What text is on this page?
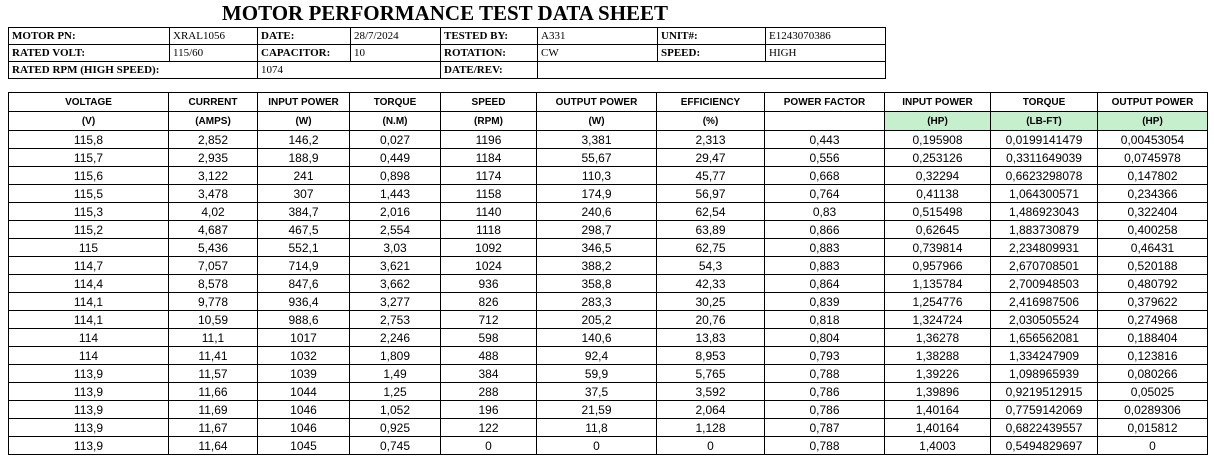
MOTOR PERFORMANCE TEST DATA SHEET
MOTOR PN:	XRAL1056	DATE:	28/7/2024	TESTED BY:	A331	UNIT#:	E1243070386
RATED VOLT:	115/60	CAPACITOR:	10	ROTATION:	CW	SPEED:	HIGH
RATED RPM (HIGH SPEED):		1074		DATE/REV:			
VOLTAGE	CURRENT	INPUT POWER	TORQUE	SPEED	OUTPUT POWER	EFFICIENCY	POWER FACTOR	INPUT POWER	TORQUE	OUTPUT POWER
(V)	(AMPS)	(W)	(N.M)	(RPM)	(W)	(%)		(HP)	(LB-FT)	(HP)
115,8	2,852	146,2	0,027	1196	3,381	2,313	0,443	0,195908	0,0199141479	0,00453054
115,7	2,935	188,9	0,449	1184	55,67	29,47	0,556	0,253126	0,3311649039	0,0745978
115,6	3,122	241	0,898	1174	110,3	45,77	0,668	0,32294	0,6623298078	0,147802
115,5	3,478	307	1,443	1158	174,9	56,97	0,764	0,41138	1,064300571	0,234366
115,3	4,02	384,7	2,016	1140	240,6	62,54	0,83	0,515498	1,486923043	0,322404
115,2	4,687	467,5	2,554	1118	298,7	63,89	0,866	0,62645	1,883730879	0,400258
115	5,436	552,1	3,03	1092	346,5	62,75	0,883	0,739814	2,234809931	0,46431
114,7	7,057	714,9	3,621	1024	388,2	54,3	0,883	0,957966	2,670708501	0,520188
114,4	8,578	847,6	3,662	936	358,8	42,33	0,864	1,135784	2,700948503	0,480792
114,1	9,778	936,4	3,277	826	283,3	30,25	0,839	1,254776	2,416987506	0,379622
114,1	10,59	988,6	2,753	712	205,2	20,76	0,818	1,324724	2,030505524	0,274968
114	11,1	1017	2,246	598	140,6	13,83	0,804	1,36278	1,656562081	0,188404
114	11,41	1032	1,809	488	92,4	8,953	0,793	1,38288	1,334247909	0,123816
113,9	11,57	1039	1,49	384	59,9	5,765	0,788	1,39226	1,098965939	0,080266
113,9	11,66	1044	1,25	288	37,5	3,592	0,786	1,39896	0,9219512915	0,05025
113,9	11,69	1046	1,052	196	21,59	2,064	0,786	1,40164	0,7759142069	0,0289306
113,9	11,67	1046	0,925	122	11,8	1,128	0,787	1,40164	0,6822439557	0,015812
113,9	11,64	1045	0,745	0	0	0	0,788	1,4003	0,5494829697	0
